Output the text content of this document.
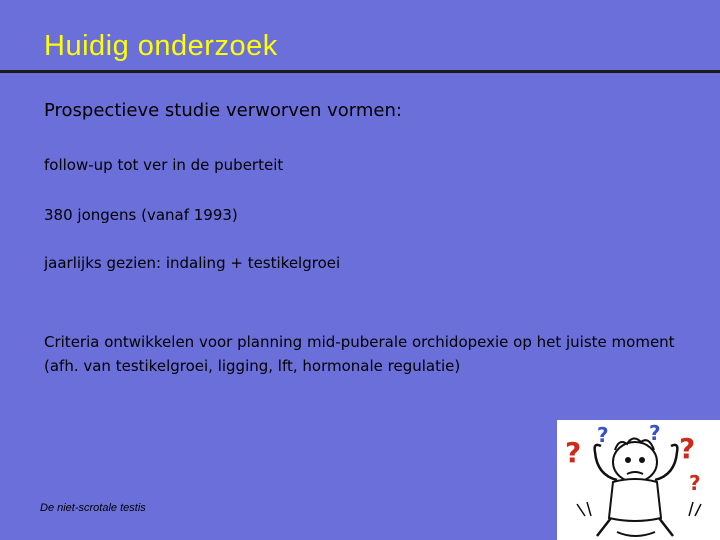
Huidig onderzoek
Prospectieve studie verworven vormen:
follow-up tot ver in de puberteit
380 jongens (vanaf 1993)
jaarlijks gezien: indaling + testikelgroei
Criteria ontwikkelen voor planning mid-puberale orchidopexie op het juiste moment (afh. van testikelgroei, ligging, lft, hormonale regulatie)
De niet-scrotale testis
?
? ? ?
?
